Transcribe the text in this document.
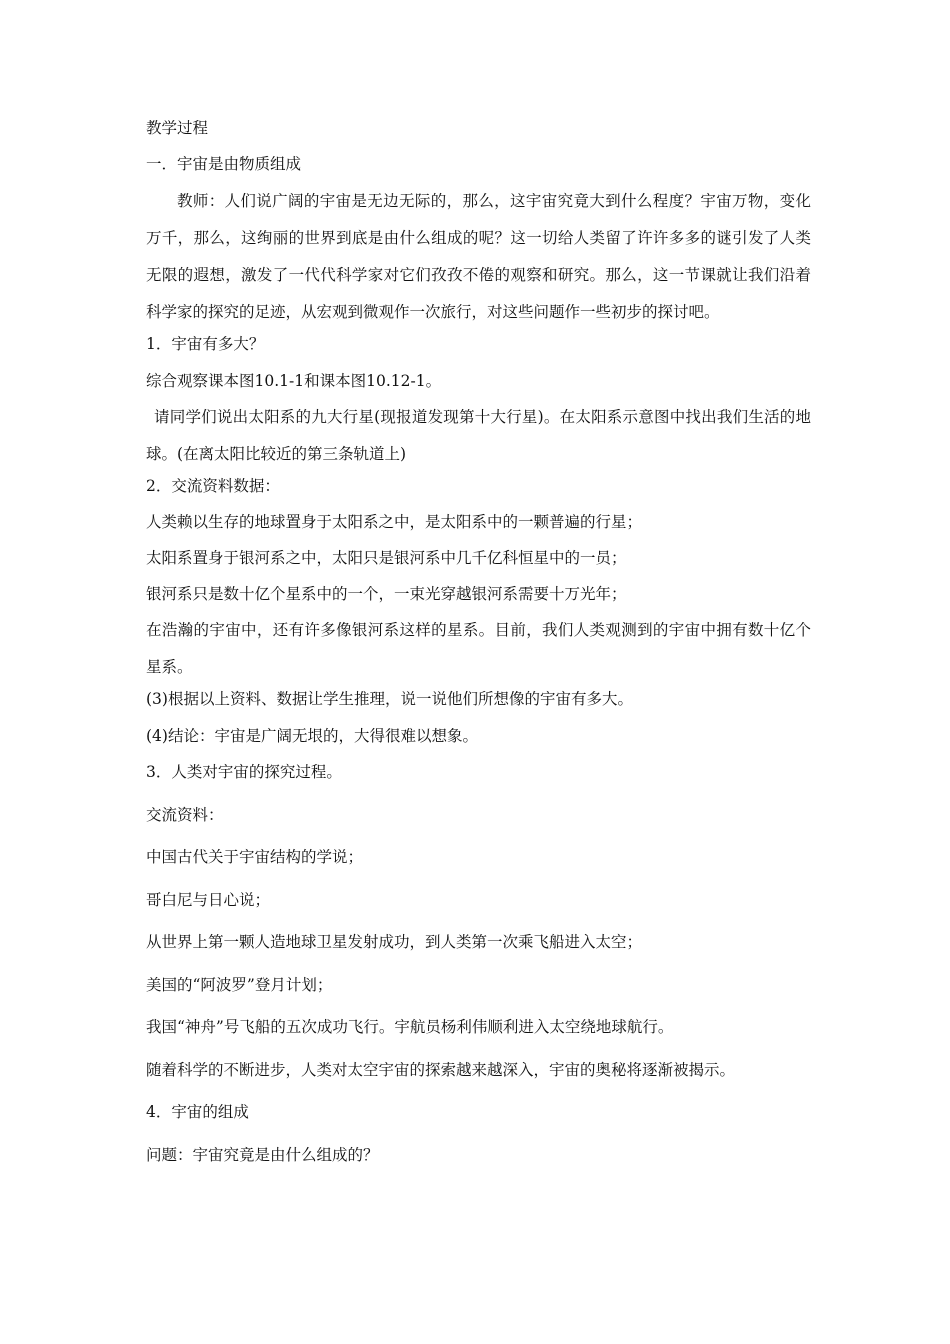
教学过程

一．宇宙是由物质组成

教师：人们说广阔的宇宙是无边无际的，那么，这宇宙究竟大到什么程度？宇宙万物，变化万千，那么，这绚丽的世界到底是由什么组成的呢？这一切给人类留了许许多多的谜引发了人类无限的遐想，激发了一代代科学家对它们孜孜不倦的观察和研究。那么，这一节课就让我们沿着科学家的探究的足迹，从宏观到微观作一次旅行，对这些问题作一些初步的探讨吧。

1．宇宙有多大？

综合观察课本图10.1-1和课本图10.12-1。

请同学们说出太阳系的九大行星(现报道发现第十大行星)。在太阳系示意图中找出我们生活的地球。(在离太阳比较近的第三条轨道上)

2．交流资料数据：

人类赖以生存的地球置身于太阳系之中，是太阳系中的一颗普遍的行星；

太阳系置身于银河系之中，太阳只是银河系中几千亿科恒星中的一员；

银河系只是数十亿个星系中的一个，一束光穿越银河系需要十万光年；

在浩瀚的宇宙中，还有许多像银河系这样的星系。目前，我们人类观测到的宇宙中拥有数十亿个星系。

(3)根据以上资料、数据让学生推理，说一说他们所想像的宇宙有多大。

(4)结论：宇宙是广阔无垠的，大得很难以想象。

3．人类对宇宙的探究过程。

交流资料：

中国古代关于宇宙结构的学说；

哥白尼与日心说；

从世界上第一颗人造地球卫星发射成功，到人类第一次乘飞船进入太空；

美国的“阿波罗”登月计划；

我国“神舟”号飞船的五次成功飞行。宇航员杨利伟顺利进入太空绕地球航行。

随着科学的不断进步，人类对太空宇宙的探索越来越深入，宇宙的奥秘将逐渐被揭示。

4．宇宙的组成

问题：宇宙究竟是由什么组成的？
